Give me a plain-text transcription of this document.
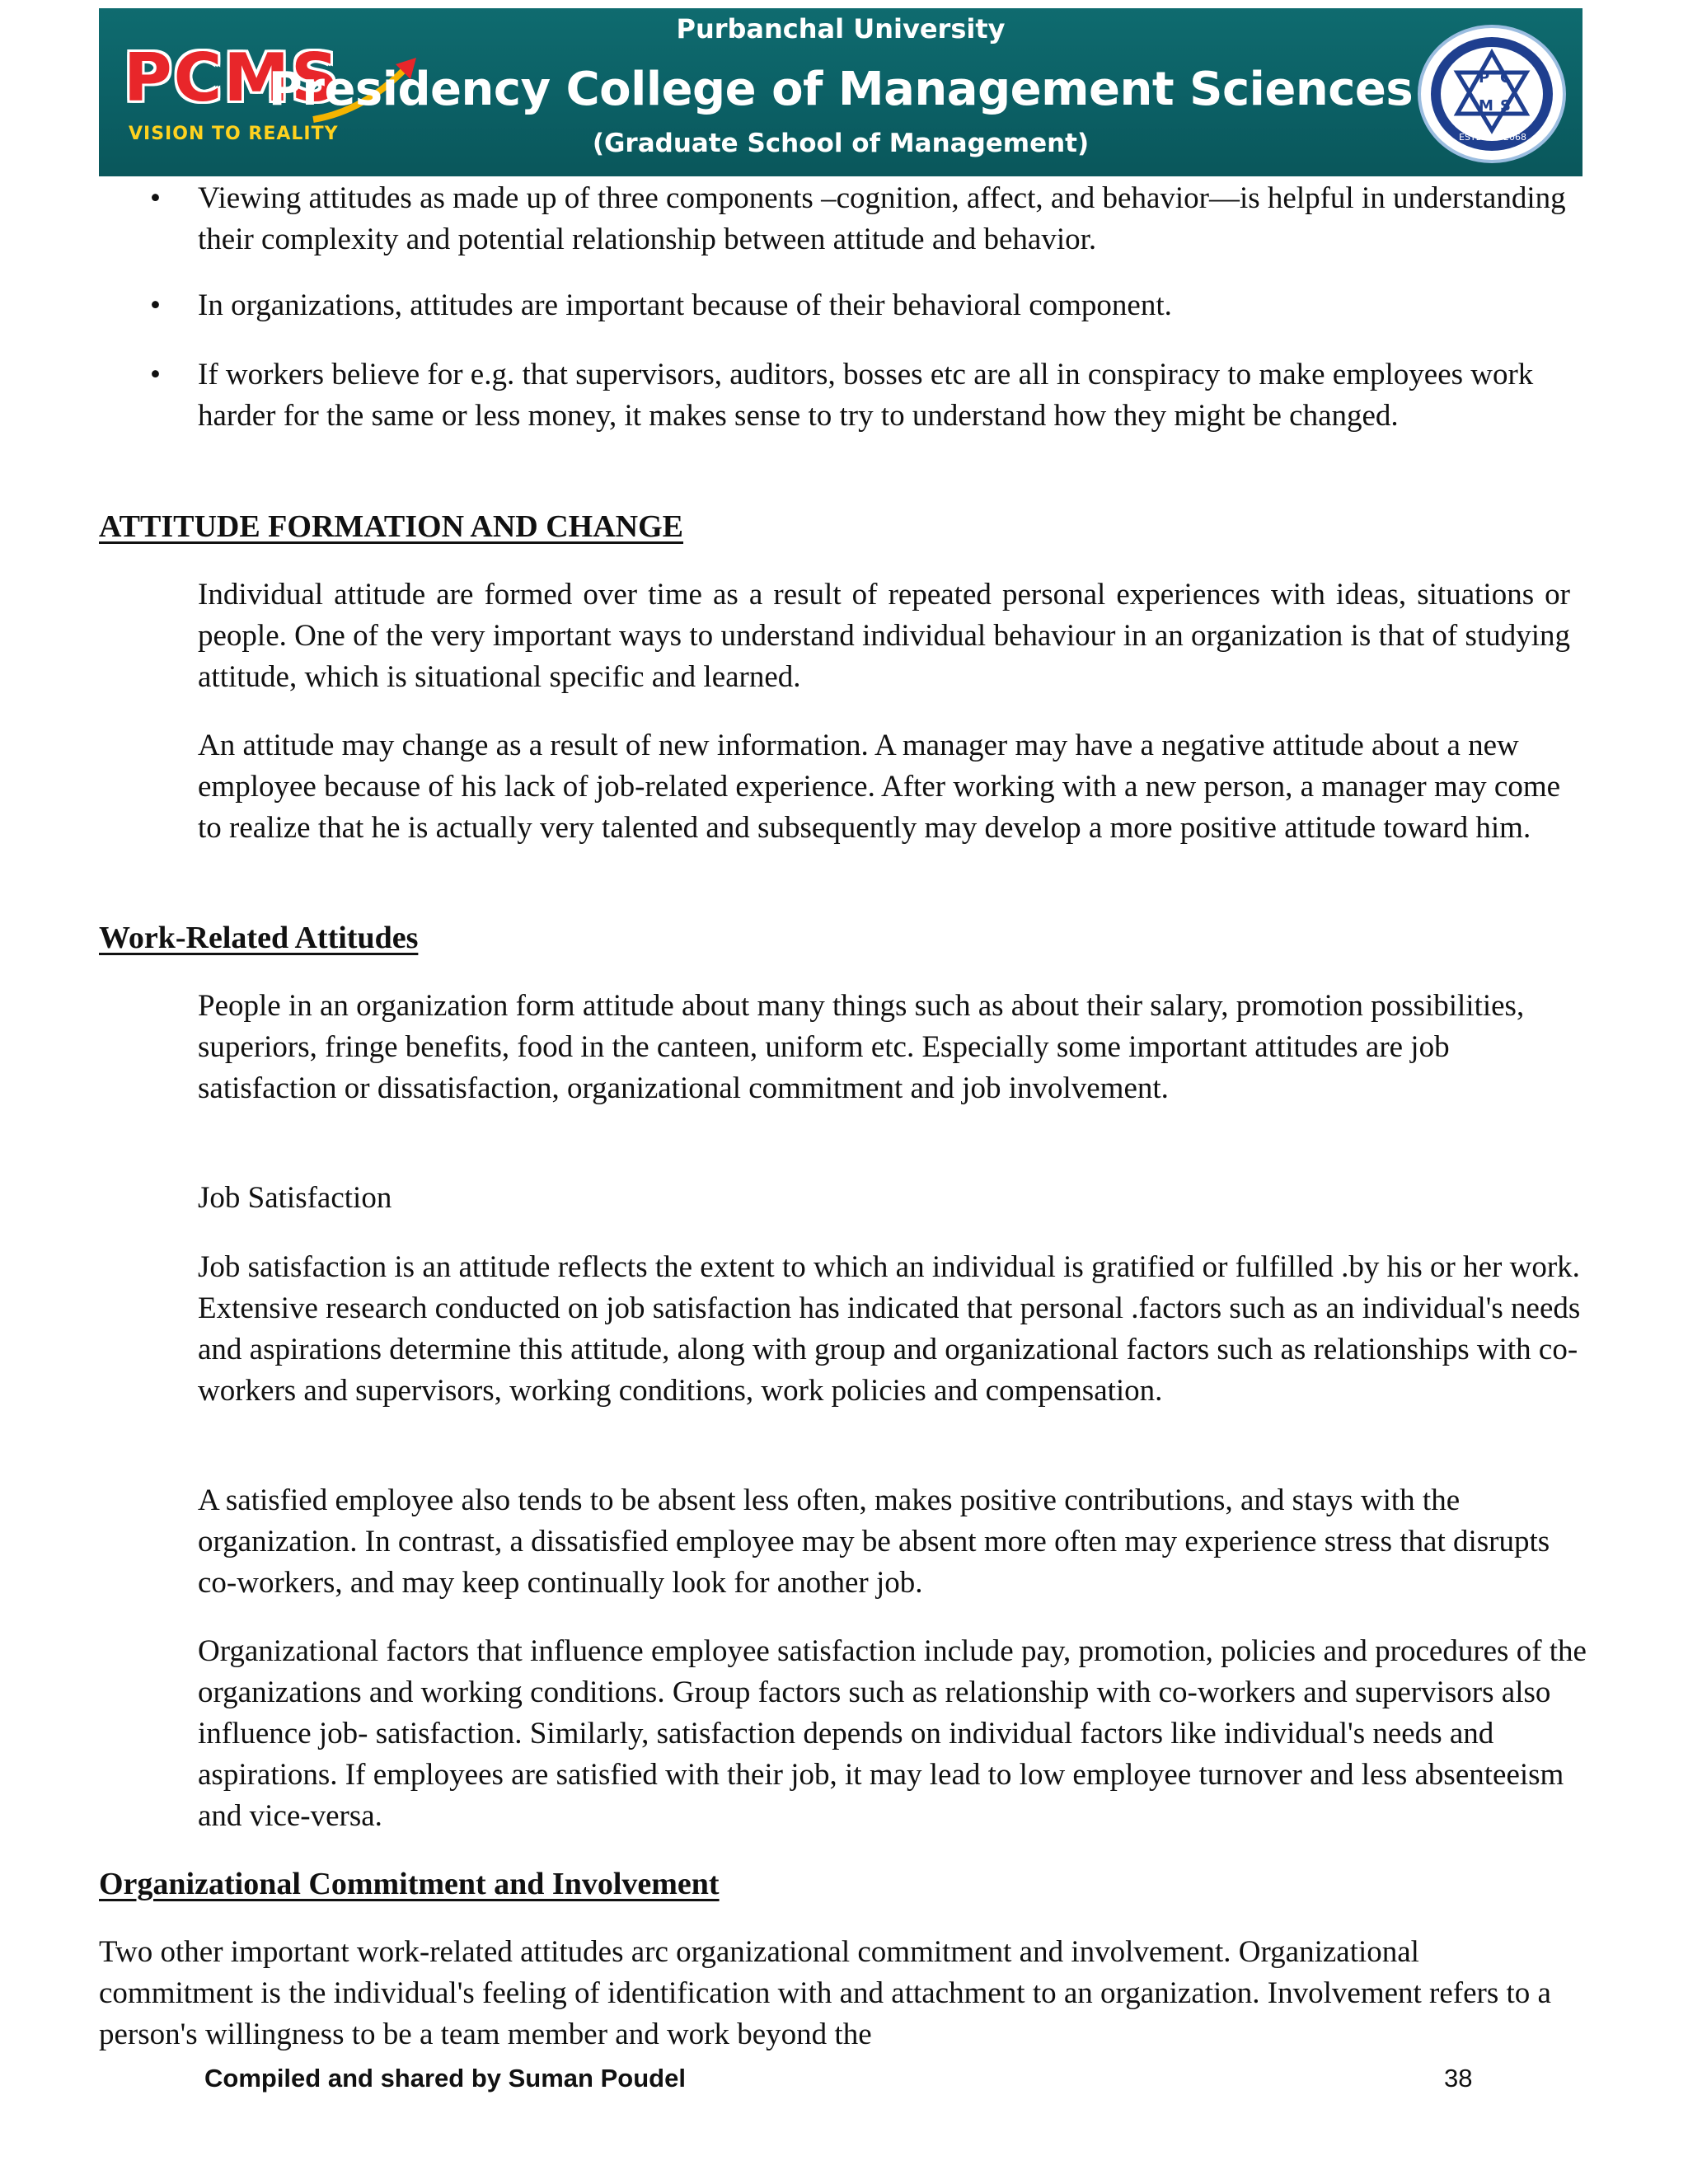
PCMS
VISION TO REALITY
Purbanchal University
Presidency College of Management Sciences
(Graduate School of Management)
P C
M S
ESTD 2068
• Viewing attitudes as made up of three components –cognition, affect, and behavior—is helpful in understanding their complexity and potential relationship between attitude and behavior.

• In organizations, attitudes are important because of their behavioral component.

• If workers believe for e.g. that supervisors, auditors, bosses etc are all in conspiracy to make employees work harder for the same or less money, it makes sense to try to understand how they might be changed.

ATTITUDE FORMATION AND CHANGE

Individual attitude are formed over time as a result of repeated personal experiences with ideas, situations or people. One of the very important ways to understand individual behaviour in an organization is that of studying attitude, which is situational specific and learned.

An attitude may change as a result of new information. A manager may have a negative attitude about a new employee because of his lack of job-related experience. After working with a new person, a manager may come to realize that he is actually very talented and subsequently may develop a more positive attitude toward him.

Work-Related Attitudes

People in an organization form attitude about many things such as about their salary, promotion possibilities, superiors, fringe benefits, food in the canteen, uniform etc. Especially some important attitudes are job satisfaction or dissatisfaction, organizational commitment and job involvement.

Job Satisfaction

Job satisfaction is an attitude reflects the extent to which an individual is gratified or fulfilled .by his or her work. Extensive research conducted on job satisfaction has indicated that personal .factors such as an individual's needs and aspirations determine this attitude, along with group and organizational factors such as relationships with co-workers and supervisors, working conditions, work policies and compensation.

A satisfied employee also tends to be absent less often, makes positive contributions, and stays with the organization. In contrast, a dissatisfied employee may be absent more often may experience stress that disrupts co-workers, and may keep continually look for another job.

Organizational factors that influence employee satisfaction include pay, promotion, policies and procedures of the organizations and working conditions. Group factors such as relationship with co-workers and supervisors also influence job- satisfaction. Similarly, satisfaction depends on individual factors like individual's needs and aspirations. If employees are satisfied with their job, it may lead to low employee turnover and less absenteeism and vice-versa.

Organizational Commitment and Involvement

Two other important work-related attitudes arc organizational commitment and involvement. Organizational commitment is the individual's feeling of identification with and attachment to an organization. Involvement refers to a person's willingness to be a team member and work beyond the

Compiled and shared by Suman Poudel	38
